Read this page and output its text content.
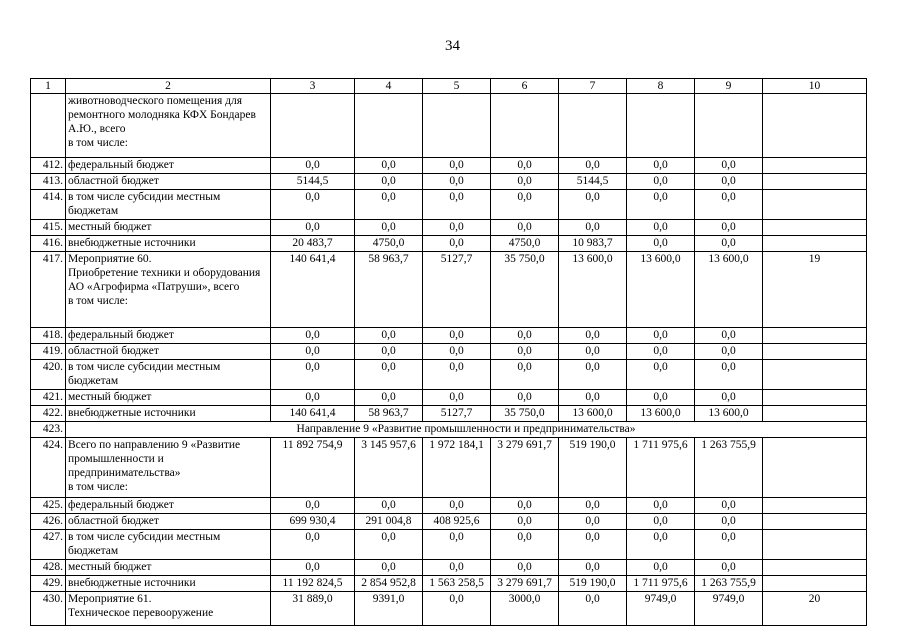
34
1	2	3	4	5	6	7	8	9	10
	животноводческого помещения для ремонтного молодняка КФХ Бондарев А.Ю., всего
в том числе:								
412.	федеральный бюджет	0,0	0,0	0,0	0,0	0,0	0,0	0,0	
413.	областной бюджет	5144,5	0,0	0,0	0,0	5144,5	0,0	0,0	
414.	в том числе субсидии местным бюджетам	0,0	0,0	0,0	0,0	0,0	0,0	0,0	
415.	местный бюджет	0,0	0,0	0,0	0,0	0,0	0,0	0,0	
416.	внебюджетные источники	20 483,7	4750,0	0,0	4750,0	10 983,7	0,0	0,0	
417.	Мероприятие 60.
Приобретение техники и оборудования АО «Агрофирма «Патруши», всего
в том числе:	140 641,4	58 963,7	5127,7	35 750,0	13 600,0	13 600,0	13 600,0	19
418.	федеральный бюджет	0,0	0,0	0,0	0,0	0,0	0,0	0,0	
419.	областной бюджет	0,0	0,0	0,0	0,0	0,0	0,0	0,0	
420.	в том числе субсидии местным бюджетам	0,0	0,0	0,0	0,0	0,0	0,0	0,0	
421.	местный бюджет	0,0	0,0	0,0	0,0	0,0	0,0	0,0	
422.	внебюджетные источники	140 641,4	58 963,7	5127,7	35 750,0	13 600,0	13 600,0	13 600,0	
423.	Направление 9 «Развитие промышленности и предпринимательства»								
424.	Всего по направлению 9 «Развитие промышленности и предпринимательства»
в том числе:	11 892 754,9	3 145 957,6	1 972 184,1	3 279 691,7	519 190,0	1 711 975,6	1 263 755,9	
425.	федеральный бюджет	0,0	0,0	0,0	0,0	0,0	0,0	0,0	
426.	областной бюджет	699 930,4	291 004,8	408 925,6	0,0	0,0	0,0	0,0	
427.	в том числе субсидии местным бюджетам	0,0	0,0	0,0	0,0	0,0	0,0	0,0	
428.	местный бюджет	0,0	0,0	0,0	0,0	0,0	0,0	0,0	
429.	внебюджетные источники	11 192 824,5	2 854 952,8	1 563 258,5	3 279 691,7	519 190,0	1 711 975,6	1 263 755,9	
430.	Мероприятие 61.
Техническое перевооружение	31 889,0	9391,0	0,0	3000,0	0,0	9749,0	9749,0	20
